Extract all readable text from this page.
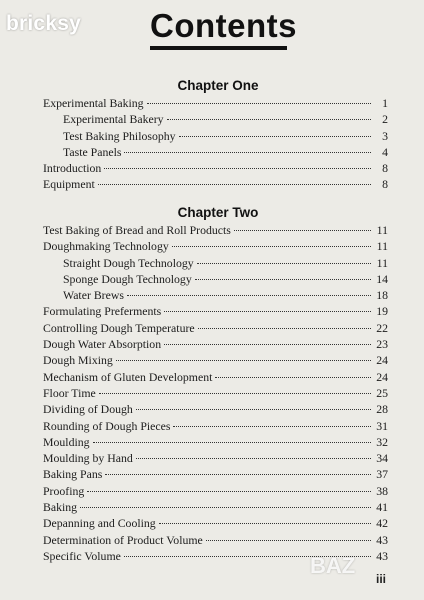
bricksy Contents
Chapter One
Experimental Baking	1
Experimental Bakery	2
Test Baking Philosophy	3
Taste Panels	4
Introduction	8
Equipment	8
Chapter Two
Test Baking of Bread and Roll Products	11
Doughmaking Technology	11
Straight Dough Technology	11
Sponge Dough Technology	14
Water Brews	18
Formulating Preferments	19
Controlling Dough Temperature	22
Dough Water Absorption	23
Dough Mixing	24
Mechanism of Gluten Development	24
Floor Time	25
Dividing of Dough	28
Rounding of Dough Pieces	31
Moulding	32
Moulding by Hand	34
Baking Pans	37
Proofing	38
Baking	41
Depanning and Cooling	42
Determination of Product Volume	43
Specific Volume	43
BAZ
iii
